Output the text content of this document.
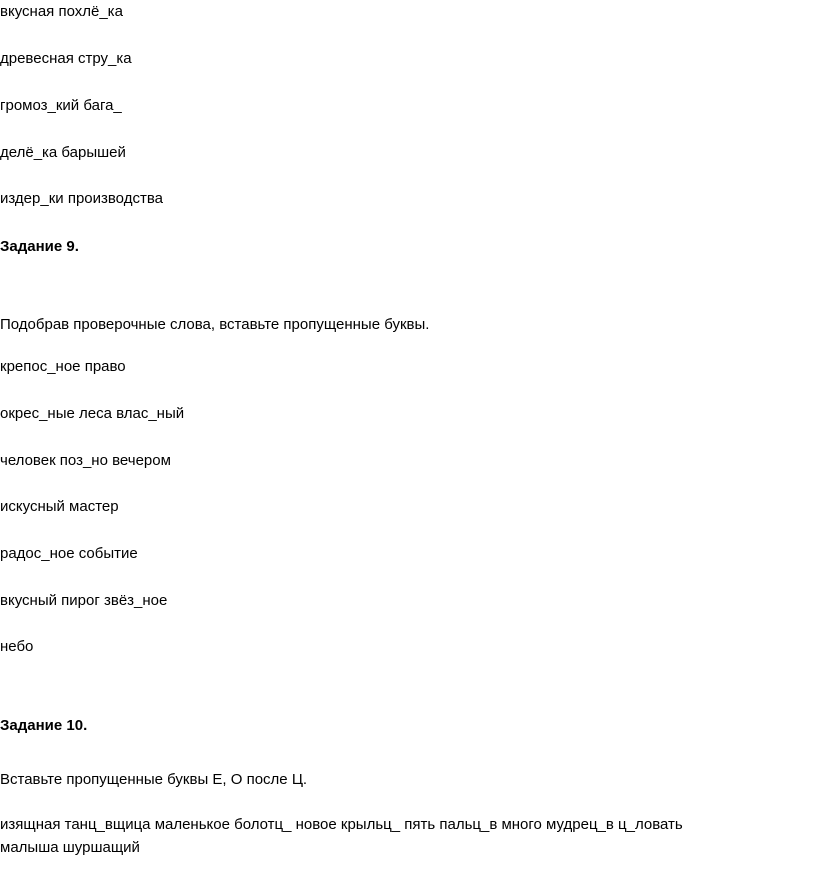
вкусная похлё_ка

древесная стру_ка

громоз_кий бага_

делё_ка барышей

издер_ки производства

Задание 9.

Подобрав проверочные слова, вставьте пропущенные буквы.

крепос_ное право

окрес_ные леса влас_ный

человек поз_но вечером

искусный мастер

радос_ное событие

вкусный пирог звёз_ное

небо

Задание 10.

Вставьте пропущенные буквы Е, О после Ц.

изящная танц_вщица маленькое болотц_ новое крыльц_ пять пальц_в много мудрец_в ц_ловать

малыша шуршащий
